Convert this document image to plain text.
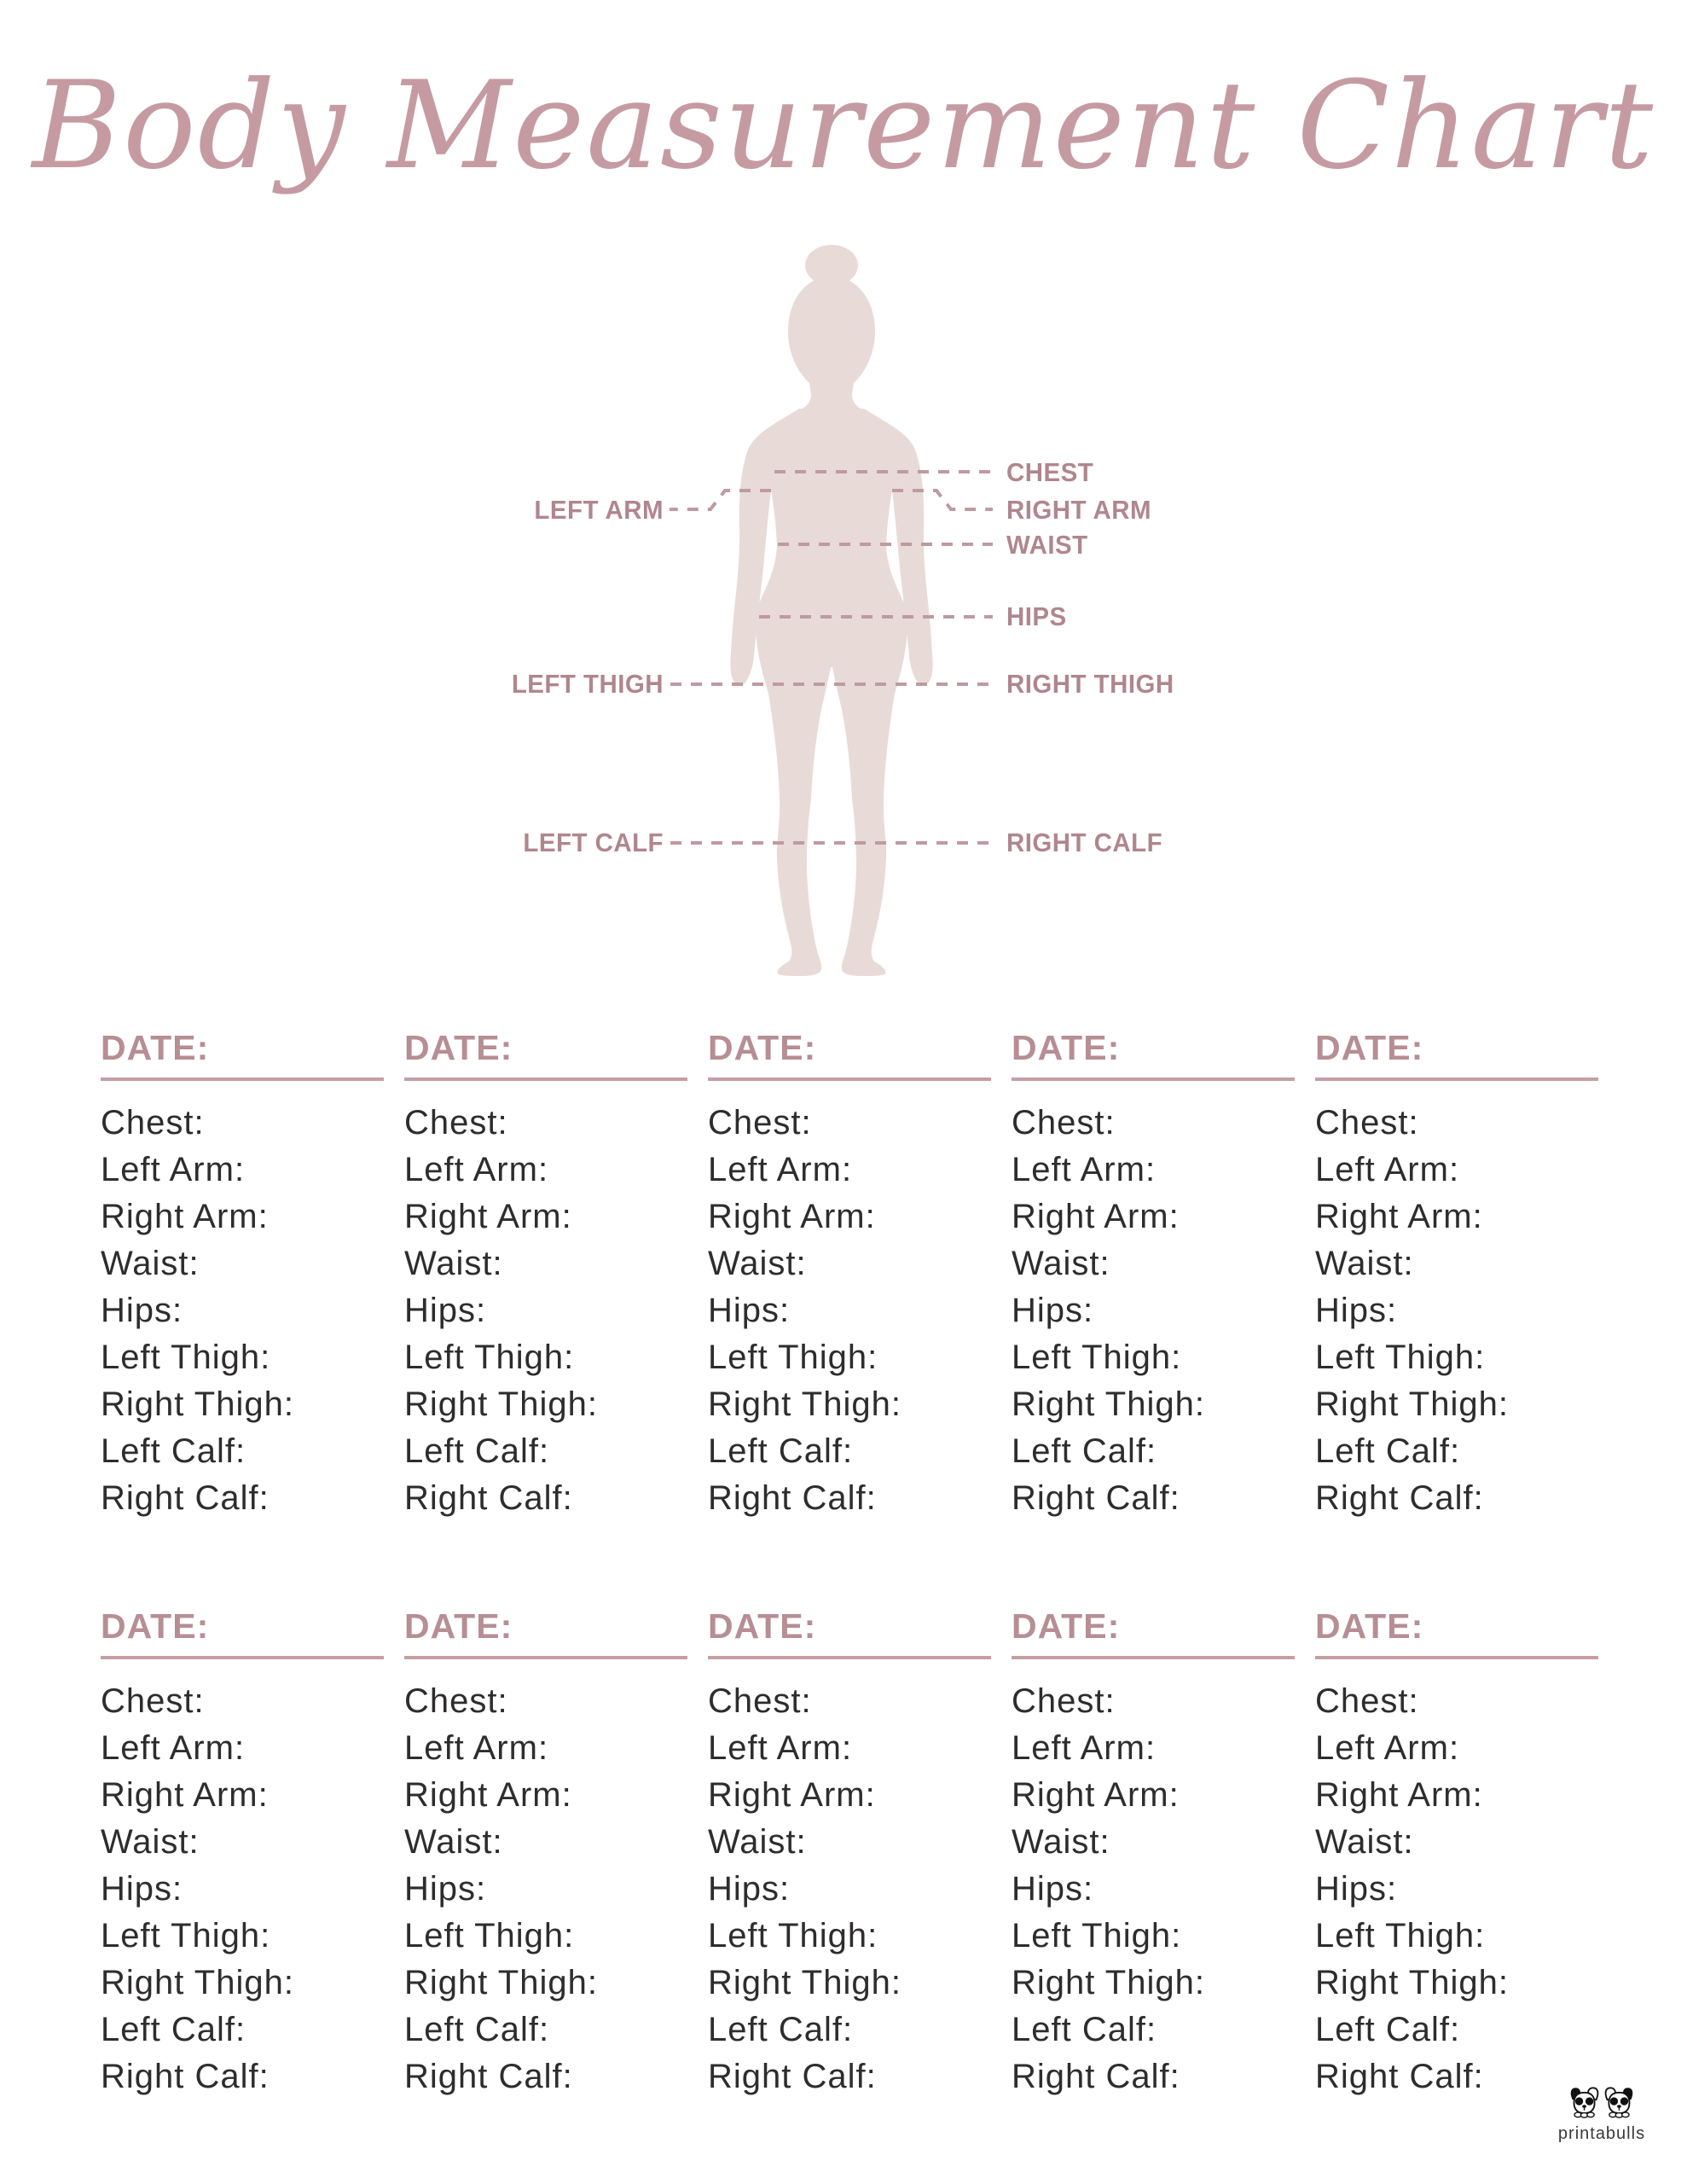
Body Measurement Chart
CHEST
LEFT ARM	RIGHT ARM
WAIST
HIPS
LEFT THIGH	RIGHT THIGH
LEFT CALF	RIGHT CALF
DATE:
Chest:
Left Arm:
Right Arm:
Waist:
Hips:
Left Thigh:
Right Thigh:
Left Calf:
Right Calf:
DATE:
Chest:
Left Arm:
Right Arm:
Waist:
Hips:
Left Thigh:
Right Thigh:
Left Calf:
Right Calf:
DATE:
Chest:
Left Arm:
Right Arm:
Waist:
Hips:
Left Thigh:
Right Thigh:
Left Calf:
Right Calf:
DATE:
Chest:
Left Arm:
Right Arm:
Waist:
Hips:
Left Thigh:
Right Thigh:
Left Calf:
Right Calf:
DATE:
Chest:
Left Arm:
Right Arm:
Waist:
Hips:
Left Thigh:
Right Thigh:
Left Calf:
Right Calf:
DATE:
Chest:
Left Arm:
Right Arm:
Waist:
Hips:
Left Thigh:
Right Thigh:
Left Calf:
Right Calf:
DATE:
Chest:
Left Arm:
Right Arm:
Waist:
Hips:
Left Thigh:
Right Thigh:
Left Calf:
Right Calf:
DATE:
Chest:
Left Arm:
Right Arm:
Waist:
Hips:
Left Thigh:
Right Thigh:
Left Calf:
Right Calf:
DATE:
Chest:
Left Arm:
Right Arm:
Waist:
Hips:
Left Thigh:
Right Thigh:
Left Calf:
Right Calf:
DATE:
Chest:
Left Arm:
Right Arm:
Waist:
Hips:
Left Thigh:
Right Thigh:
Left Calf:
Right Calf:
printabulls
